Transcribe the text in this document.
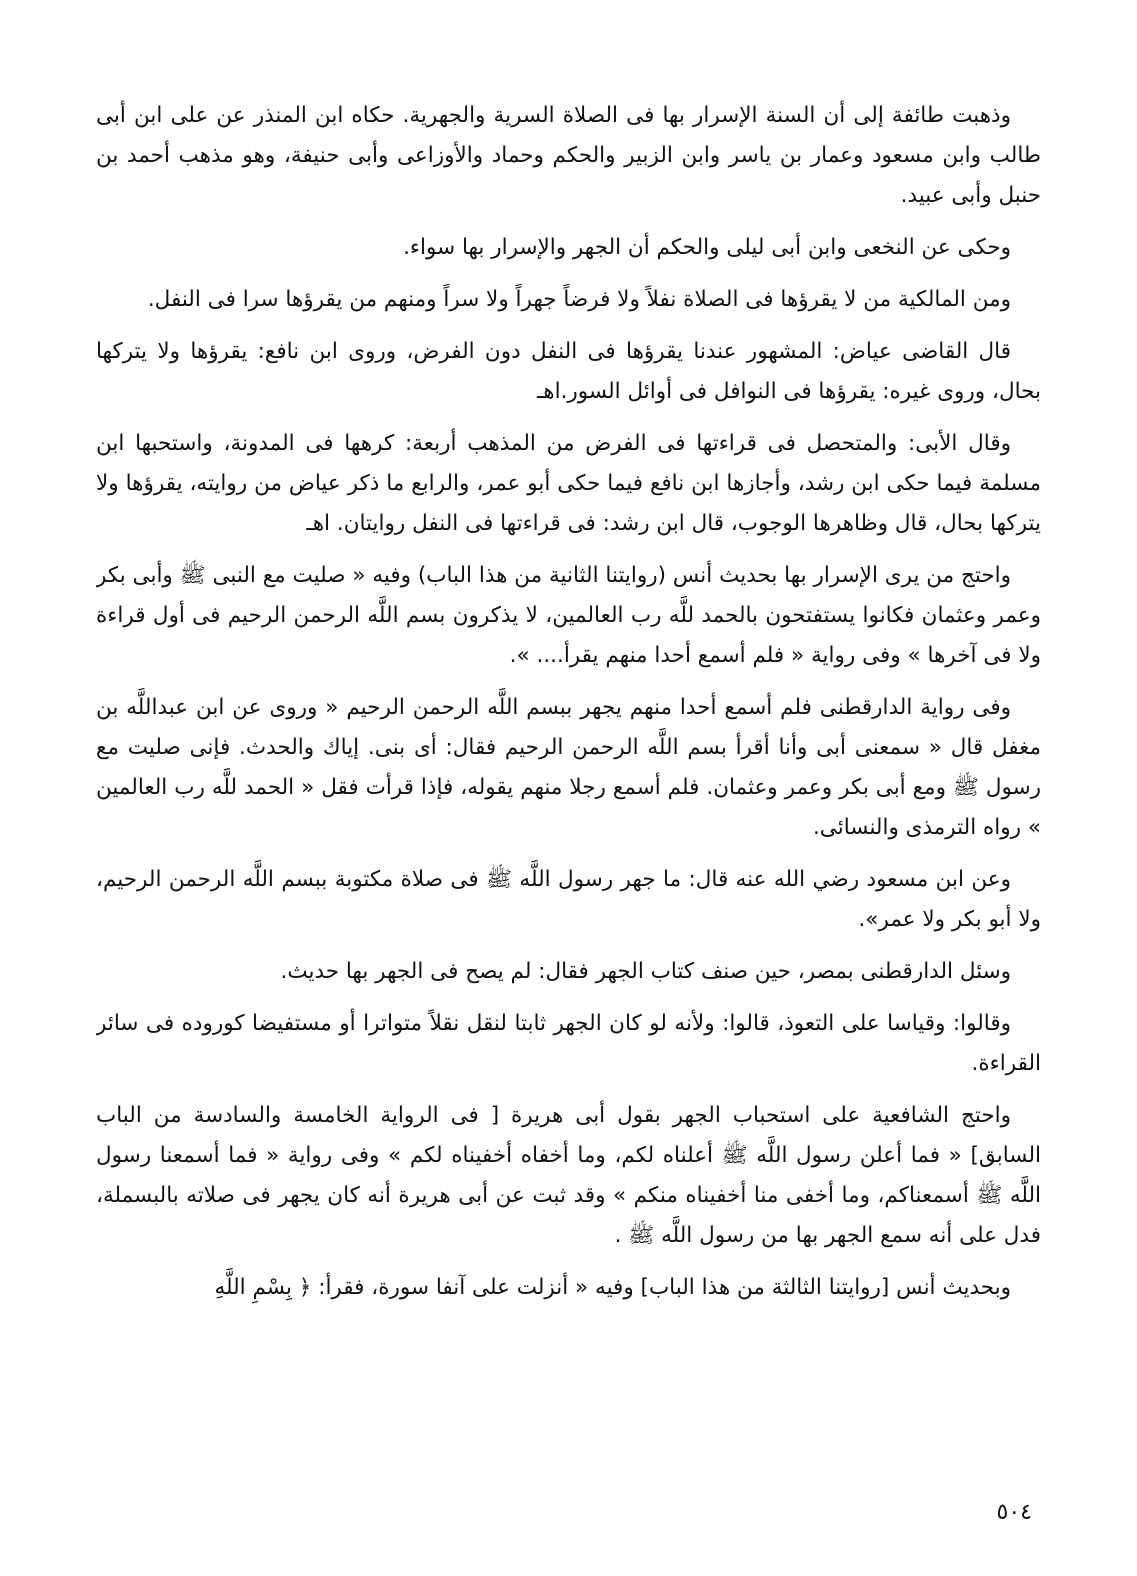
وذهبت طائفة إلى أن السنة الإسرار بها فى الصلاة السرية والجهرية. حكاه ابن المنذر عن على ابن أبى طالب وابن مسعود وعمار بن ياسر وابن الزبير والحكم وحماد والأوزاعى وأبى حنيفة، وهو مذهب أحمد بن حنبل وأبى عبيد.

وحكى عن النخعى وابن أبى ليلى والحكم أن الجهر والإسرار بها سواء.

ومن المالكية من لا يقرؤها فى الصلاة نفلاً ولا فرضاً جهراً ولا سراً ومنهم من يقرؤها سرا فى النفل.

قال القاضى عياض: المشهور عندنا يقرؤها فى النفل دون الفرض، وروى ابن نافع: يقرؤها ولا يتركها بحال، وروى غيره: يقرؤها فى النوافل فى أوائل السور.اهـ

وقال الأبى: والمتحصل فى قراءتها فى الفرض من المذهب أربعة: كرهها فى المدونة، واستحبها ابن مسلمة فيما حكى ابن رشد، وأجازها ابن نافع فيما حكى أبو عمر، والرابع ما ذكر عياض من روايته، يقرؤها ولا يتركها بحال، قال وظاهرها الوجوب، قال ابن رشد: فى قراءتها فى النفل روايتان. اهـ

واحتج من يرى الإسرار بها بحديث أنس (روايتنا الثانية من هذا الباب) وفيه « صليت مع النبى ﷺ وأبى بكر وعمر وعثمان فكانوا يستفتحون بالحمد للَّه رب العالمين، لا يذكرون بسم اللَّه الرحمن الرحيم فى أول قراءة ولا فى آخرها » وفى رواية « فلم أسمع أحدا منهم يقرأ.... ».

وفى رواية الدارقطنى فلم أسمع أحدا منهم يجهر ببسم اللَّه الرحمن الرحيم « وروى عن ابن عبداللَّه بن مغفل قال « سمعنى أبى وأنا أقرأ بسم اللَّه الرحمن الرحيم فقال: أى بنى. إياك والحدث. فإنى صليت مع رسول ﷺ ومع أبى بكر وعمر وعثمان. فلم أسمع رجلا منهم يقوله، فإذا قرأت فقل « الحمد للَّه رب العالمين » رواه الترمذى والنسائى.

وعن ابن مسعود رضي الله عنه قال: ما جهر رسول اللَّه ﷺ فى صلاة مكتوبة ببسم اللَّه الرحمن الرحيم، ولا أبو بكر ولا عمر».

وسئل الدارقطنى بمصر، حين صنف كتاب الجهر فقال: لم يصح فى الجهر بها حديث.

وقالوا: وقياسا على التعوذ، قالوا: ولأنه لو كان الجهر ثابتا لنقل نقلاً متواترا أو مستفيضا كوروده فى سائر القراءة.

واحتج الشافعية على استحباب الجهر بقول أبى هريرة [ فى الرواية الخامسة والسادسة من الباب السابق] « فما أعلن رسول اللَّه ﷺ أعلناه لكم، وما أخفاه أخفيناه لكم » وفى رواية « فما أسمعنا رسول اللَّه ﷺ أسمعناكم، وما أخفى منا أخفيناه منكم » وقد ثبت عن أبى هريرة أنه كان يجهر فى صلاته بالبسملة، فدل على أنه سمع الجهر بها من رسول اللَّه ﷺ .

وبحديث أنس [روايتنا الثالثة من هذا الباب] وفيه « أنزلت على آنفا سورة، فقرأ: ﴿ بِسْمِ اللَّهِ

٥٠٤
